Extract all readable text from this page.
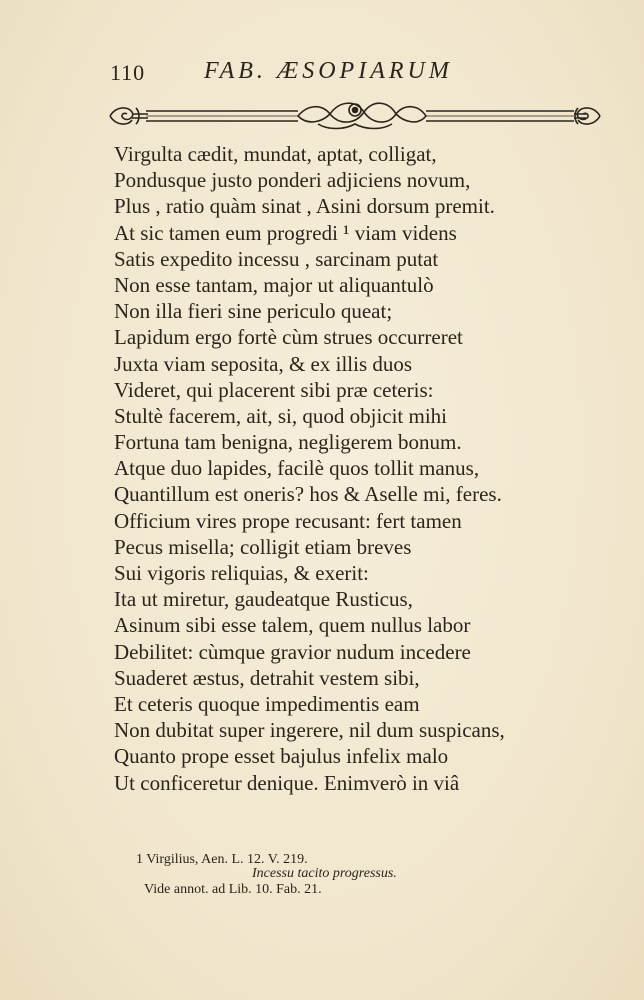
110 FAB. ÆSOPIARUM
Virgulta cædit, mundat, aptat, colligat,
Pondusque justo ponderi adjiciens novum,
Plus , ratio quàm sinat , Asini dorsum premit.
At sic tamen eum progredi ¹ viam videns
Satis expedito incessu , sarcinam putat
Non esse tantam, major ut aliquantulò
Non illa fieri sine periculo queat;
Lapidum ergo fortè cùm strues occurreret
Juxta viam seposita, & ex illis duos
Videret, qui placerent sibi præ ceteris:
Stultè facerem, ait, si, quod objicit mihi
Fortuna tam benigna, negligerem bonum.
Atque duo lapides, facilè quos tollit manus,
Quantillum est oneris? hos & Aselle mi, feres.
Officium vires prope recusant: fert tamen
Pecus misella; colligit etiam breves
Sui vigoris reliquias, & exerit:
Ita ut miretur, gaudeatque Rusticus,
Asinum sibi esse talem, quem nullus labor
Debilitet: cùmque gravior nudum incedere
Suaderet æstus, detrahit vestem sibi,
Et ceteris quoque impedimentis eam
Non dubitat super ingerere, nil dum suspicans,
Quanto prope esset bajulus infelix malo
Ut conficeretur denique. Enimverò in viâ
1 Virgilius, Aen. L. 12. V. 219.
Incessu tacito progressus.
Vide annot. ad Lib. 10. Fab. 21.
